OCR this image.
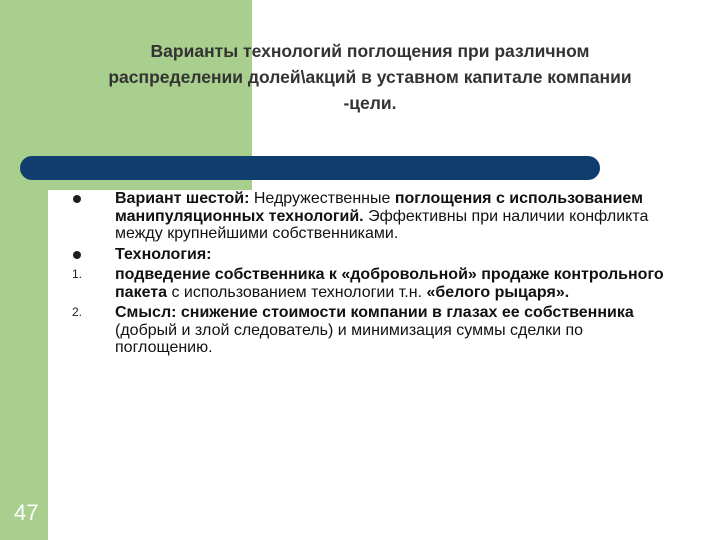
Варианты технологий поглощения при различном
распределении долей\акций в уставном капитале компании
-цели.
Вариант шестой: Недружественные поглощения с использованием манипуляционных технологий. Эффективны при наличии конфликта между крупнейшими собственниками.
Технология:
1.	подведение собственника к «добровольной» продаже контрольного пакета с использованием технологии т.н. «белого рыцаря».
2.	Смысл: снижение стоимости компании в глазах ее собственника (добрый и злой следователь) и минимизация суммы сделки по поглощению.
47
